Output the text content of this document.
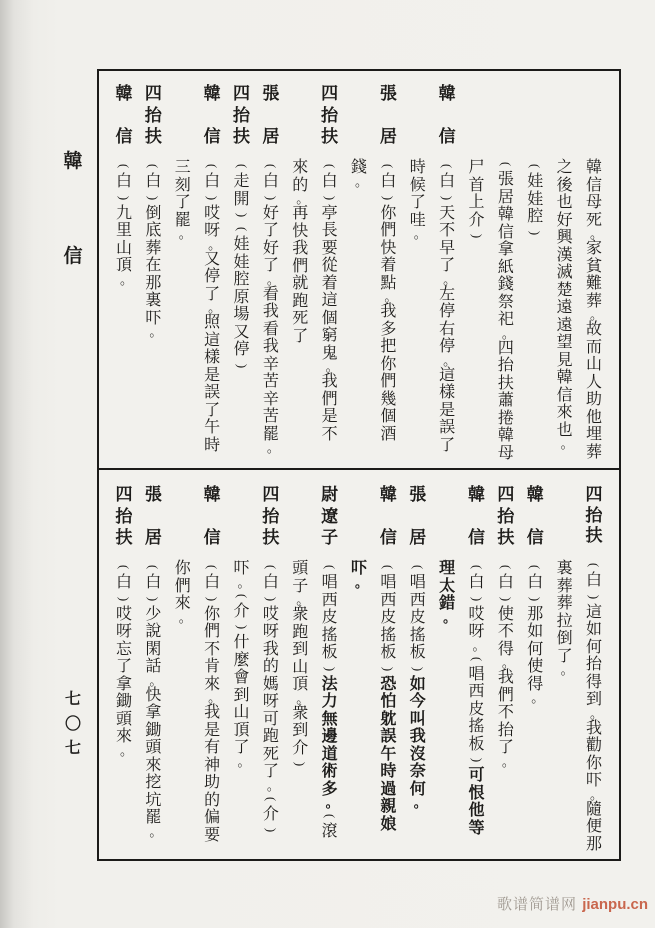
韓
信
韓
信
母
死
。
家
貧
難
葬
。
故
而
山
人
助
他
埋
葬
之
後
也
好
興
漢
滅
楚
遠
遠
望
見
韓
信
來
也
。
(
娃
娃
腔
)
(
張
居
韓
信
拿
紙
錢
祭
祀
。
四
抬
扶
蕭
捲
韓
母
尸
首
上
介
)
韓
信
(
白
)
天
不
早
了
。
左
停
右
停
。
這
樣
是
誤
了
時
候
了
哇
。
張
居
(
白
)
你
們
快
着
點
。
我
多
把
你
們
幾
個
酒
錢
。
四
抬
扶
(
白
)
亭
長
要
從
着
這
個
窮
鬼
。
我
們
是
不
來
的
。
再
快
我
們
就
跑
死
了
張
居
(
白
)
好
了
好
了
。
看
我
看
我
辛
苦
辛
苦
罷
。
四
抬
扶
(
走
開
)
(
娃
娃
腔
原
場
又
停
)
韓
信
(
白
)
哎
呀
。
又
停
了
。
照
這
樣
是
誤
了
午
時
三
刻
了
罷
。
四
抬
扶
(
白
)
倒
底
葬
在
那
裏
吓
。
韓
信
(
白
)
九
里
山
頂
。
四
抬
扶
(
白
)
這
如
何
抬
得
到
。
我
勸
你
吓
。
隨
便
那
裏
葬
葬
拉
倒
了
。
韓
信
(
白
)
那
如
何
使
得
。
四
抬
扶
(
白
)
使
不
得
。
我
們
不
抬
了
。
韓
信
(
白
)
哎
呀
。
(
唱
西
皮
搖
板
)
可
恨
他
等
理
太
錯
。
張
居
(
唱
西
皮
搖
板
)
如
今
叫
我
沒
奈
何
。
韓
信
(
唱
西
皮
搖
板
)
恐
怕
躭
誤
午
時
過
親
娘
吓
。
尉
遼
子
(
唱
西
皮
搖
板
)
法
力
無
邊
道
術
多
。
(
滾
頭
子
。
衆
跑
到
山
頂
。
衆
到
介
)
四
抬
扶
(
白
)
哎
呀
我
的
媽
呀
可
跑
死
了
。
(
介
)
吓
。
(
介
)
什
麼
會
到
山
頂
了
。
韓
信
(
白
)
你
們
不
肯
來
。
我
是
有
神
助
的
偏
要
你
們
來
。
張
居
(
白
)
少
說
閑
話
。
快
拿
鋤
頭
來
挖
坑
罷
。
四
抬
扶
(
白
)
哎
呀
忘
了
拿
鋤
頭
來
。
七
〇
七
歌谱简谱网 jianpu.cn
